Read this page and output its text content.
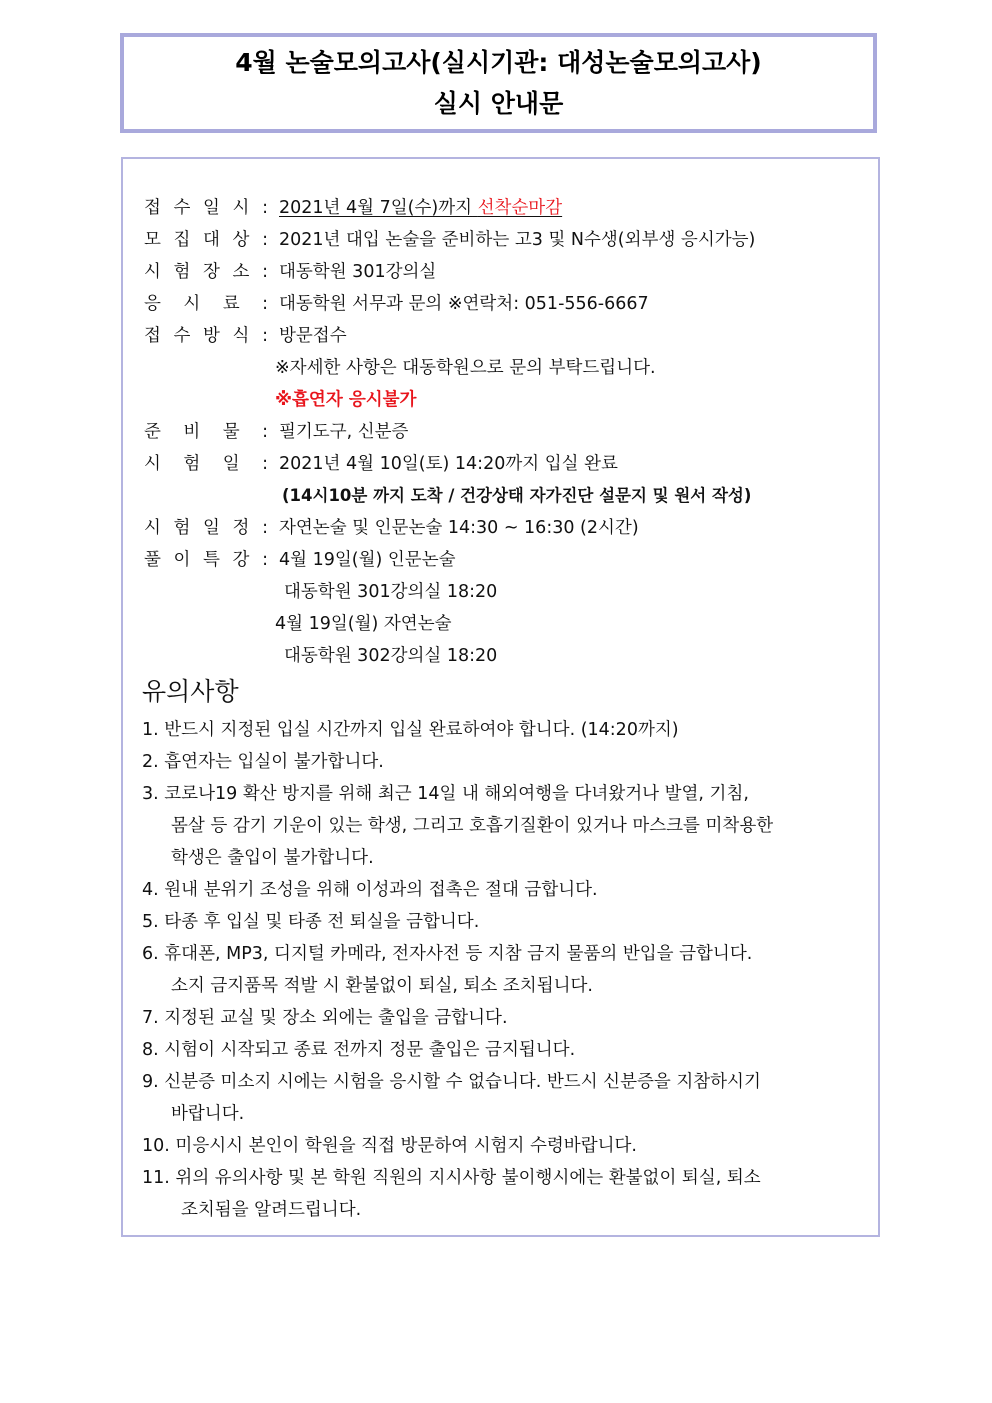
4월 논술모의고사(실시기관: 대성논술모의고사)
실시 안내문
접 수 일 시 : 2021년 4월 7일(수)까지 선착순마감
모 집 대 상 : 2021년 대입 논술을 준비하는 고3 및 N수생(외부생 응시가능)
시 험 장 소 : 대동학원 301강의실
응 시 료 : 대동학원 서무과 문의 ※연락처: 051-556-6667
접 수 방 식 : 방문접수
※자세한 사항은 대동학원으로 문의 부탁드립니다.
※흡연자 응시불가
준 비 물 : 필기도구, 신분증
시 험 일 : 2021년 4월 10일(토) 14:20까지 입실 완료
(14시10분 까지 도착 / 건강상태 자가진단 설문지 및 원서 작성)
시 험 일 정 : 자연논술 및 인문논술 14:30 ~ 16:30 (2시간)
풀 이 특 강 : 4월 19일(월) 인문논술
대동학원 301강의실 18:20
4월 19일(월) 자연논술
대동학원 302강의실 18:20
유의사항
1. 반드시 지정된 입실 시간까지 입실 완료하여야 합니다. (14:20까지)
2. 흡연자는 입실이 불가합니다.
3. 코로나19 확산 방지를 위해 최근 14일 내 해외여행을 다녀왔거나 발열, 기침,
몸살 등 감기 기운이 있는 학생, 그리고 호흡기질환이 있거나 마스크를 미착용한
학생은 출입이 불가합니다.
4. 원내 분위기 조성을 위해 이성과의 접촉은 절대 금합니다.
5. 타종 후 입실 및 타종 전 퇴실을 금합니다.
6. 휴대폰, MP3, 디지털 카메라, 전자사전 등 지참 금지 물품의 반입을 금합니다.
소지 금지품목 적발 시 환불없이 퇴실, 퇴소 조치됩니다.
7. 지정된 교실 및 장소 외에는 출입을 금합니다.
8. 시험이 시작되고 종료 전까지 정문 출입은 금지됩니다.
9. 신분증 미소지 시에는 시험을 응시할 수 없습니다. 반드시 신분증을 지참하시기
바랍니다.
10. 미응시시 본인이 학원을 직접 방문하여 시험지 수령바랍니다.
11. 위의 유의사항 및 본 학원 직원의 지시사항 불이행시에는 환불없이 퇴실, 퇴소
조치됨을 알려드립니다.
